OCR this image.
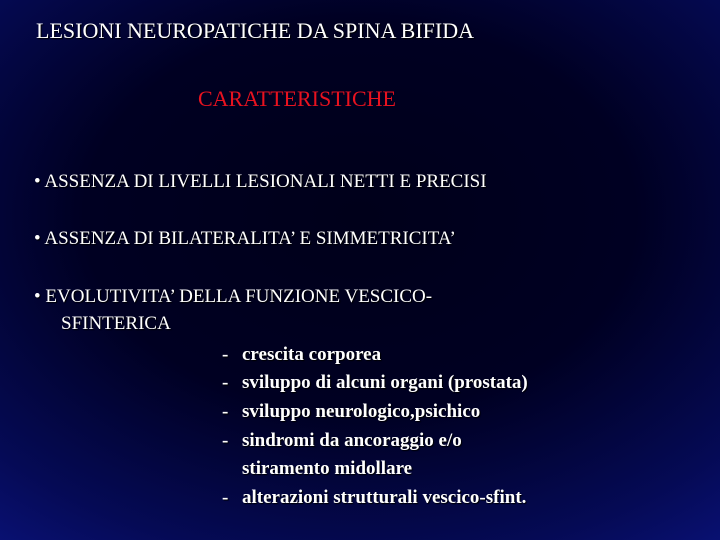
LESIONI NEUROPATICHE DA SPINA BIFIDA
CARATTERISTICHE
• ASSENZA DI LIVELLI LESIONALI NETTI E PRECISI
• ASSENZA DI BILATERALITA’ E SIMMETRICITA’
• EVOLUTIVITA’ DELLA FUNZIONE VESCICO-
SFINTERICA
- crescita corporea
- sviluppo di alcuni organi (prostata)
- sviluppo neurologico,psichico
- sindromi da ancoraggio e/o
stiramento midollare
- alterazioni strutturali vescico-sfint.
